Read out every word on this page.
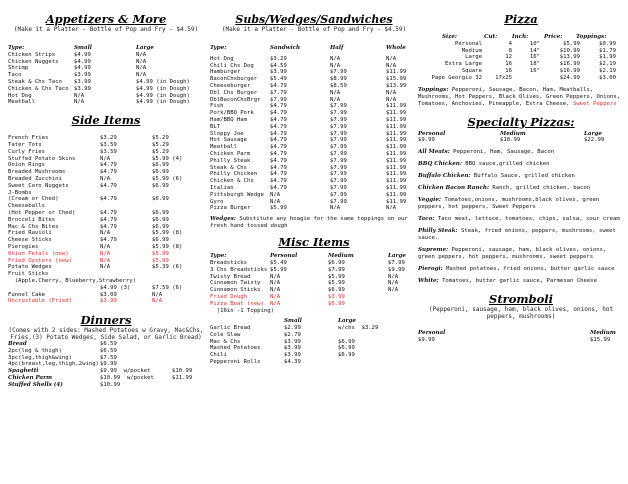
Appetizers & More
(Make it a Platter - Bottle of Pop and Fry - $4.59)
Type:	Small	Large
Chicken Strips	$4.99	N/A
Chicken Nuggets	$4.99	N/A
Shrimp	$4.99	N/A
Taco	$3.99	N/A
Steak & Chs Taco	$3.99	$4.99 (in Dough)
Chicken & Chs Taco $3.99	$4.99 (in Dough)
Hot Dog	N/A	$4.99 (in Dough)
Meatball	N/A	$4.99 (in Dough)
Side Items
French Fries	$3.29	$5.29
Tater Tots	$3.59	$5.29
Curly Fries	$3.59	$5.29
Stuffed Potato Skins	N/A	$5.99 (4)
Onion Rings	$4.79	$6.99
Breaded Mushrooms	$4.79	$6.99
Breaded Zucchini	N/A	$5.99 (6)
Sweet Corn Nuggets	$4.79	$6.99
J-Bombs
(Cream or Ched)	$4.79	$6.99
Cheeseballs
(Hot Pepper or Ched)	$4.79	$6.99
Broccoli Bites	$4.79	$6.99
Mac & Chs Bites	$4.79	$6.99
Fried Ravioli	N/A	$5.99 (8)
Cheese Sticks	$4.79	$6.99
Pierogies	N/A	$5.99 (8)
Onion Petals (new)	N/A	$5.99
Fried Oysters (new)	N/A	$5.99
Potato Wedges	N/A	$5.39 (6)
Fruit Sticks
(Apple,Cherry, Blueberry,Strawberry)
$4.99 (3)	$7.59 (6)
Funnel Cake	$3.09	N/A
Uncrustable (Fried)	$3.99	N/A
Dinners
(Comes with 2 sides: Mashed Potatoes w Gravy, Mac&Chs, Fries,(3) Potato Wedges, Side Salad, or Garlic Bread)
Bread	$6.59
2pc(leg & thigh)	$6.59
3pc(leg,thigh&wing)	$7.59
4pc(breast,leg,thigh,2wing) $9.99
Spaghetti	$9.99  w/pocket	$10.99
Chicken Parm	$10.99  w/pocket	$11.99
Stuffed Shells (4)	$10.99
Subs/Wedges/Sandwiches
(Make it a Platter - Bottle of Pop and Fry - $4.59)
Type:	Sandwich	Half	Whole
Hot Dog	$3.29	N/A	N/A
Chili Chs Dog	$4.59	N/A	N/A
Hamburger	$3.99	$7.99	$11.99
BaconChsburger	$5.49	$8.99	$15.99
Cheeseburger	$4.79	$8.59	$13.99
Dbl Chs Burger	$7.79	N/A	N/A
DblBaconChsBrgr	$7.99	N/A	N/A
Fish	$4.79	$7.99	$11.99
Pork/BBQ Pork	$4.79	$7.99	$11.99
Ham/BBQ Ham	$4.79	$7.99	$11.99
BLT	$4.79	$7.99	$11.99
Sloppy Joe	$4.79	$7.99	$11.99
Hot Sausage	$4.79	$7.99	$11.99
Meatball	$4.79	$7.99	$11.99
Chicken Parm	$4.79	$7.99	$11.99
Philly Steak	$4.79	$7.99	$11.99
Steak & Chs	$4.79	$7.99	$11.99
Philly Chicken	$4.79	$7.99	$11.99
Chicken & Chs	$4.79	$7.99	$11.99
Italian	$4.79	$7.99	$11.99
Pittsburgh Wedge	N/A	$7.99	$11.99
Gyro	N/A	$7.99	$11.99
Pizza Burger	$5.99	N/A	N/A
Wedges: Substitute any hoagie for the same toppings on our fresh hand tossed dough
Misc Items
Type:	Personal	Medium	Large
Breadsticks	$5.49	$6.99	$7.99
3 Chs Breadsticks $5.99	$7.99	$9.99
Twisty Bread	N/A	$5.99	N/A
Cinnamon Twisty	N/A	$5.99	N/A
Cinnamon Sticks	N/A	$6.99	N/A
Fried Dough	N/A	$3.99
Pizza Boat (new)	N/A	$6.99
(16in -1 Topping)
Small	Large
Garlic Bread	$2.99	w/chs  $3.29
Cole Slaw	$2.79
Mac & Chs	$3.99	$6.99
Mashed Potatoes	$3.99	$6.99
Chili	$3.99	$6.99
Pepperoni Rolls	$4.39
Pizza
Size:	Cut:	Inch:	Price:	Toppings:
Personal	4	10"	$5.99	$0.99
Medium	8	14"	$10.99	$1.79
Large	12	16"	$13.99	$1.99
Extra Large	16	18"	$16.99	$2.19
Square	16	16"	$16.99	$2.19
Pape Georgio 32	17x25	$24.99	$3.00
Toppings: Pepperoni, Sausage, Bacon, Ham, Meatballs, Mushrooms, Hot Peppers, Black Olives, Green Peppers, Onions, Tomatoes, Anchovies, Pineapple, Extra Cheese, Sweet Peppers
Specialty Pizzas:
Personal	Medium	Large
$9.99	$18.99	$22.99
All Meats: Pepperoni, Ham, Sausage, Bacon
BBQ Chicken: BBQ sauce,grilled chicken
Buffalo Chicken: Buffalo Sauce, grilled chicken
Chicken Bacon Ranch: Ranch, grilled chicken, bacon
Veggie: Tomatoes,onions, mushrooms,black olives, green peppers, hot peppers, Sweet Peppers
Taco: Taco meat, lettuce, tomatoes, chips, salsa, sour cream
Philly Steak: Steak, fried onions, peppers, mushrooms, sweet sauce.
Supreme: Pepperoni, sausage, ham, black olives, onions, green peppers, hot peppers, mushrooms, sweet peppers
Pierogi: Mashed potatoes, fried onions, butter garlic sauce
White: Tomatoes, butter garlic sauce, Parmesan Cheese
Stromboli
(Pepperoni, sausage, ham, black olives, onions, hot peppers, mushrooms)
Personal	Medium
$9.99	$15.99
